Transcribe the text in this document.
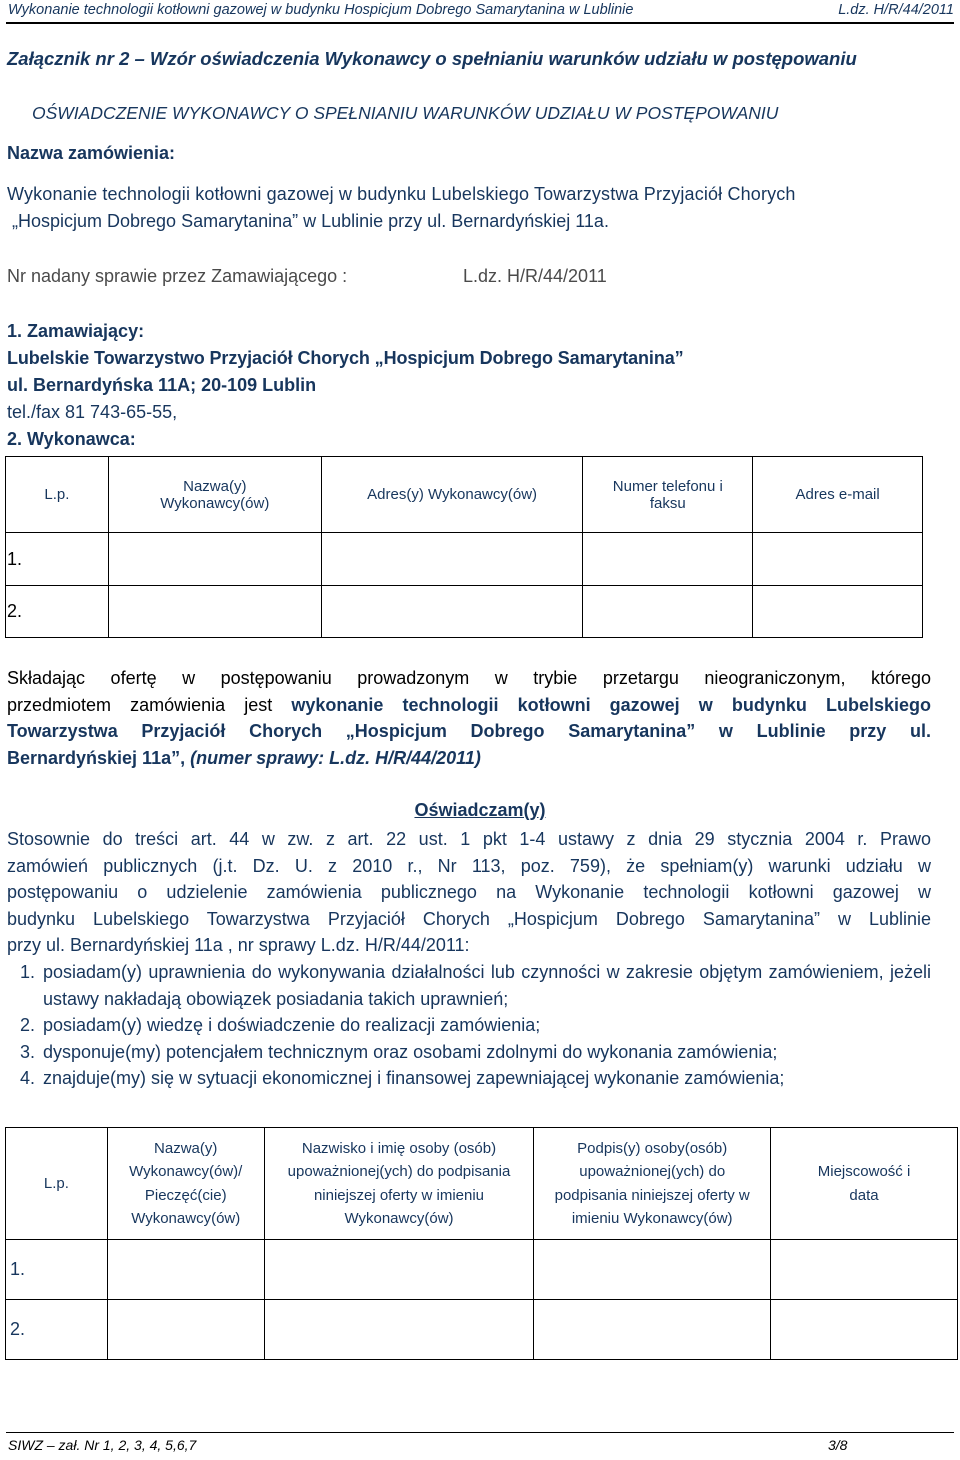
Wykonanie technologii kotłowni gazowej w budynku Hospicjum Dobrego Samarytanina w Lublinie	L.dz. H/R/44/2011
Załącznik nr 2 – Wzór oświadczenia Wykonawcy o spełnianiu warunków udziału w postępowaniu
OŚWIADCZENIE WYKONAWCY O SPEŁNIANIU WARUNKÓW UDZIAŁU W POSTĘPOWANIU
Nazwa zamówienia:
Wykonanie technologii kotłowni gazowej w budynku Lubelskiego Towarzystwa Przyjaciół Chorych
„Hospicjum Dobrego Samarytanina” w Lublinie przy ul. Bernardyńskiej 11a.
Nr nadany sprawie przez Zamawiającego :	L.dz. H/R/44/2011
1. Zamawiający:
Lubelskie Towarzystwo Przyjaciół Chorych „Hospicjum Dobrego Samarytanina”
ul. Bernardyńska 11A; 20-109 Lublin
tel./fax 81 743-65-55,
2. Wykonawca:
L.p.	Nazwa(y) Wykonawcy(ów)	Adres(y) Wykonawcy(ów)	Numer telefonu i faksu	Adres e-mail
1.				
2.				

Składając ofertę w postępowaniu prowadzonym w trybie przetargu nieograniczonym, którego

przedmiotem zamówienia jest wykonanie technologii kotłowni gazowej w budynku Lubelskiego

Towarzystwa Przyjaciół Chorych „Hospicjum Dobrego Samarytanina” w Lublinie przy ul.

Bernardyńskiej 11a”, (numer sprawy: L.dz. H/R/44/2011)

Oświadczam(y)

Stosownie do treści art. 44 w zw. z art. 22 ust. 1 pkt 1-4 ustawy z dnia 29 stycznia 2004 r. Prawo

zamówień publicznych (j.t. Dz. U. z 2010 r., Nr 113, poz. 759), że spełniam(y) warunki udziału w

postępowaniu o udzielenie zamówienia publicznego na Wykonanie technologii kotłowni gazowej w

budynku Lubelskiego Towarzystwa Przyjaciół Chorych „Hospicjum Dobrego Samarytanina” w Lublinie

przy ul. Bernardyńskiej 11a , nr sprawy L.dz. H/R/44/2011:

1. posiadam(y) uprawnienia do wykonywania działalności lub czynności w zakresie objętym zamówieniem, jeżeli ustawy nakładają obowiązek posiadania takich uprawnień;
2. posiadam(y) wiedzę i doświadczenie do realizacji zamówienia;
3. dysponuje(my) potencjałem technicznym oraz osobami zdolnymi do wykonania zamówienia;
4. znajduje(my) się w sytuacji ekonomicznej i finansowej zapewniającej wykonanie zamówienia;
L.p.	Nazwa(y) Wykonawcy(ów)/ Pieczęć(cie) Wykonawcy(ów)	Nazwisko i imię osoby (osób) upoważnionej(ych) do podpisania niniejszej oferty w imieniu Wykonawcy(ów)	Podpis(y) osoby(osób) upoważnionej(ych) do podpisania niniejszej oferty w imieniu Wykonawcy(ów)	Miejscowość i data
1.				
2.				
SIWZ – zał. Nr 1, 2, 3, 4, 5,6,7	3/8
